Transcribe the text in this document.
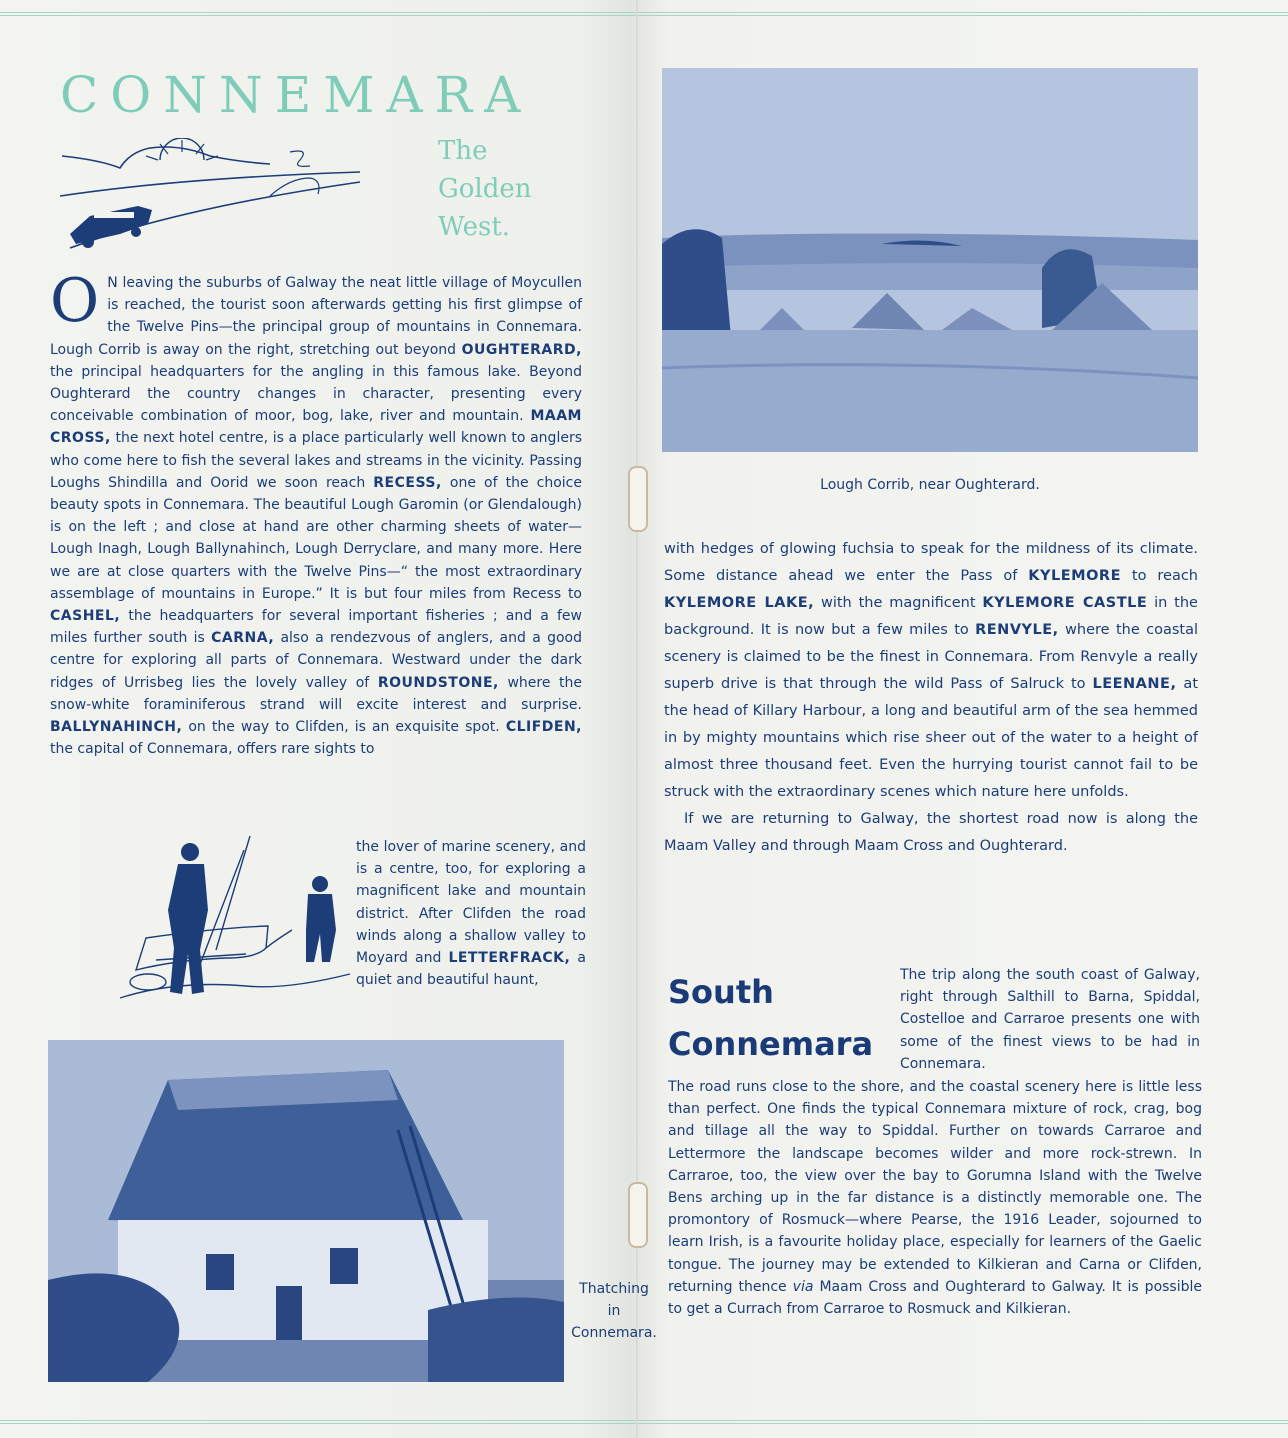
CONNEMARA
The
Golden
West.

O N leaving the suburbs of Galway the neat little village of Moycullen is reached, the tourist soon afterwards getting his first glimpse of the Twelve Pins—the principal group of mountains in Connemara. Lough Corrib is away on the right, stretching out beyond OUGHTERARD, the principal headquarters for the angling in this famous lake. Beyond Oughterard the country changes in character, presenting every conceivable combination of moor, bog, lake, river and mountain. MAAM CROSS, the next hotel centre, is a place particularly well known to anglers who come here to fish the several lakes and streams in the vicinity. Passing Loughs Shindilla and Oorid we soon reach RECESS, one of the choice beauty spots in Connemara. The beautiful Lough Garomin (or Glendalough) is on the left ; and close at hand are other charming sheets of water—Lough Inagh, Lough Ballynahinch, Lough Derryclare, and many more. Here we are at close quarters with the Twelve Pins—“ the most extraordinary assemblage of mountains in Europe.” It is but four miles from Recess to CASHEL, the headquarters for several important fisheries ; and a few miles further south is CARNA, also a rendezvous of anglers, and a good centre for exploring all parts of Connemara. Westward under the dark ridges of Urrisbeg lies the lovely valley of ROUNDSTONE, where the snow-white foraminiferous strand will excite interest and surprise. BALLYNAHINCH, on the way to Clifden, is an exquisite spot. CLIFDEN, the capital of Connemara, offers rare sights to

the lover of marine scenery, and is a centre, too, for exploring a magnificent lake and mountain district. After Clifden the road winds along a shallow valley to Moyard and LETTERFRACK, a quiet and beautiful haunt,

Thatching
in
Connemara.
Lough Corrib, near Oughterard.

with hedges of glowing fuchsia to speak for the mildness of its climate. Some distance ahead we enter the Pass of KYLEMORE to reach KYLEMORE LAKE, with the magnificent KYLEMORE CASTLE in the background. It is now but a few miles to RENVYLE, where the coastal scenery is claimed to be the finest in Connemara. From Renvyle a really superb drive is that through the wild Pass of Salruck to LEENANE, at the head of Killary Harbour, a long and beautiful arm of the sea hemmed in by mighty mountains which rise sheer out of the water to a height of almost three thousand feet. Even the hurrying tourist cannot fail to be struck with the extraordinary scenes which nature here unfolds.

If we are returning to Galway, the shortest road now is along the Maam Valley and through Maam Cross and Oughterard.

South
Connemara
The trip along the south coast of Galway, right through Salthill to Barna, Spiddal, Costelloe and Carraroe presents one with some of the finest views to be had in Connemara.

The road runs close to the shore, and the coastal scenery here is little less than perfect. One finds the typical Connemara mixture of rock, crag, bog and tillage all the way to Spiddal. Further on towards Carraroe and Lettermore the landscape becomes wilder and more rock-strewn. In Carraroe, too, the view over the bay to Gorumna Island with the Twelve Bens arching up in the far distance is a distinctly memorable one. The promontory of Rosmuck—where Pearse, the 1916 Leader, sojourned to learn Irish, is a favourite holiday place, especially for learners of the Gaelic tongue. The journey may be extended to Kilkieran and Carna or Clifden, returning thence via Maam Cross and Oughterard to Galway. It is possible to get a Currach from Carraroe to Rosmuck and Kilkieran.
